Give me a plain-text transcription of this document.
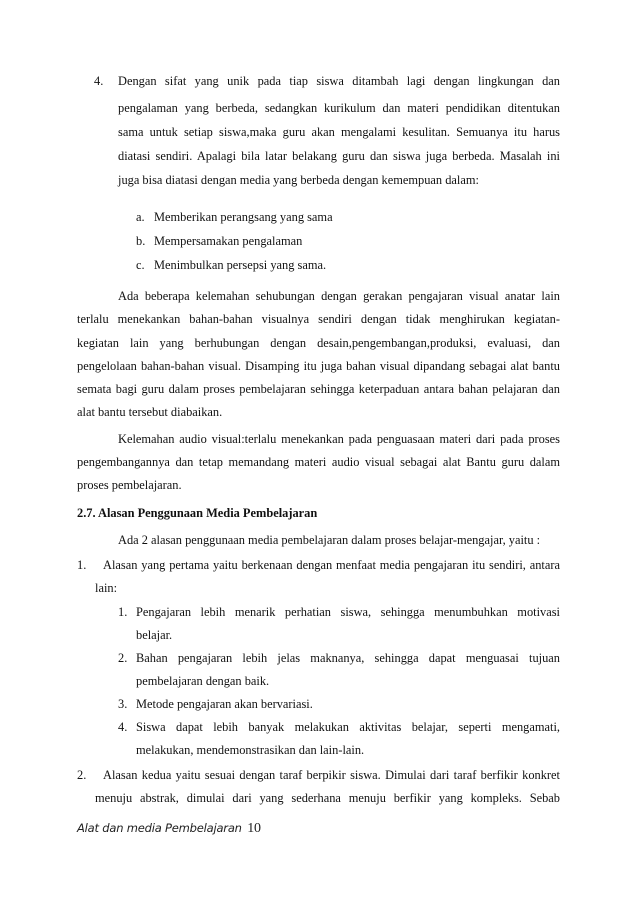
4. Dengan sifat yang unik pada tiap siswa ditambah lagi dengan lingkungan dan
pengalaman yang berbeda, sedangkan kurikulum dan materi pendidikan ditentukan
sama untuk setiap siswa,maka guru akan mengalami kesulitan. Semuanya itu harus
diatasi sendiri. Apalagi bila latar belakang guru dan siswa juga berbeda. Masalah ini
juga bisa diatasi dengan media yang berbeda dengan kemempuan dalam:
a. Memberikan perangsang yang sama
b. Mempersamakan pengalaman
c. Menimbulkan persepsi yang sama.
Ada beberapa kelemahan sehubungan dengan gerakan pengajaran visual anatar lain
terlalu menekankan bahan-bahan visualnya sendiri dengan tidak menghirukan kegiatan-
kegiatan lain yang berhubungan dengan desain,pengembangan,produksi, evaluasi, dan
pengelolaan bahan-bahan visual. Disamping itu juga bahan visual dipandang sebagai alat bantu
semata bagi guru dalam proses pembelajaran sehingga keterpaduan antara bahan pelajaran dan
alat bantu tersebut diabaikan.
Kelemahan audio visual:terlalu menekankan pada penguasaan materi dari pada proses
pengembangannya dan tetap memandang materi audio visual sebagai alat Bantu guru dalam
proses pembelajaran.
2.7. Alasan Penggunaan Media Pembelajaran
Ada 2 alasan penggunaan media pembelajaran dalam proses belajar-mengajar, yaitu :
1. Alasan yang pertama yaitu berkenaan dengan menfaat media pengajaran itu sendiri, antara
lain:
1. Pengajaran lebih menarik perhatian siswa, sehingga menumbuhkan motivasi
belajar.
2. Bahan pengajaran lebih jelas maknanya, sehingga dapat menguasai tujuan
pembelajaran dengan baik.
3. Metode pengajaran akan bervariasi.
4. Siswa dapat lebih banyak melakukan aktivitas belajar, seperti mengamati,
melakukan, mendemonstrasikan dan lain-lain.
2. Alasan kedua yaitu sesuai dengan taraf berpikir siswa. Dimulai dari taraf berfikir konkret
menuju abstrak, dimulai dari yang sederhana menuju berfikir yang kompleks. Sebab
Alat dan media Pembelajaran 10
